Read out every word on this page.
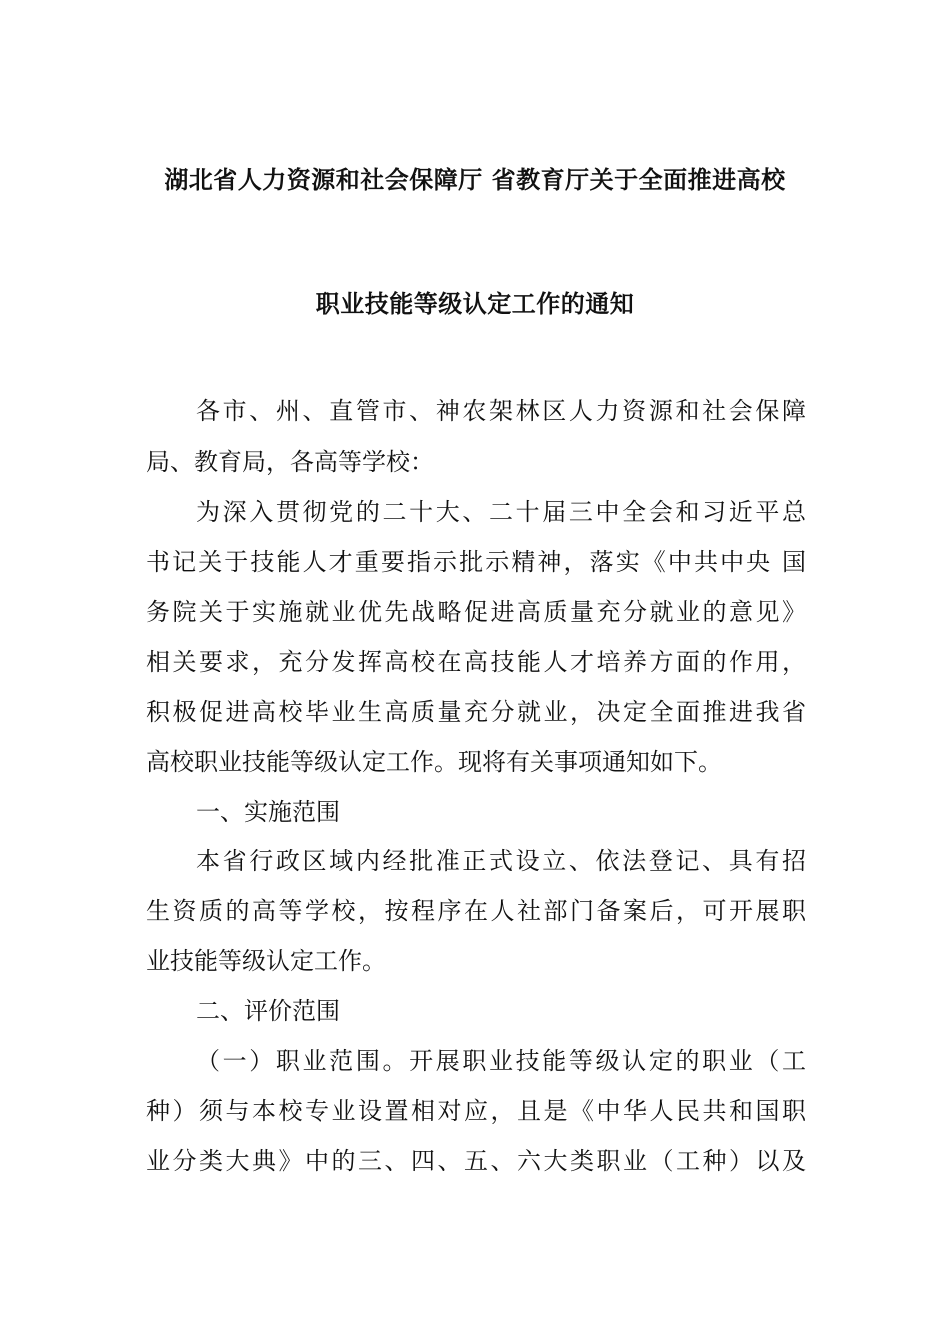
湖北省人力资源和社会保障厅 省教育厅关于全面推进高校
职业技能等级认定工作的通知
各市、州、直管市、神农架林区人力资源和社会保障
局、教育局，各高等学校：
为深入贯彻党的二十大、二十届三中全会和习近平总
书记关于技能人才重要指示批示精神，落实《中共中央 国
务院关于实施就业优先战略促进高质量充分就业的意见》
相关要求，充分发挥高校在高技能人才培养方面的作用，
积极促进高校毕业生高质量充分就业，决定全面推进我省
高校职业技能等级认定工作。现将有关事项通知如下。
一、实施范围
本省行政区域内经批准正式设立、依法登记、具有招
生资质的高等学校，按程序在人社部门备案后，可开展职
业技能等级认定工作。
二、评价范围
（一）职业范围。开展职业技能等级认定的职业（工
种）须与本校专业设置相对应，且是《中华人民共和国职
业分类大典》中的三、四、五、六大类职业（工种）以及
